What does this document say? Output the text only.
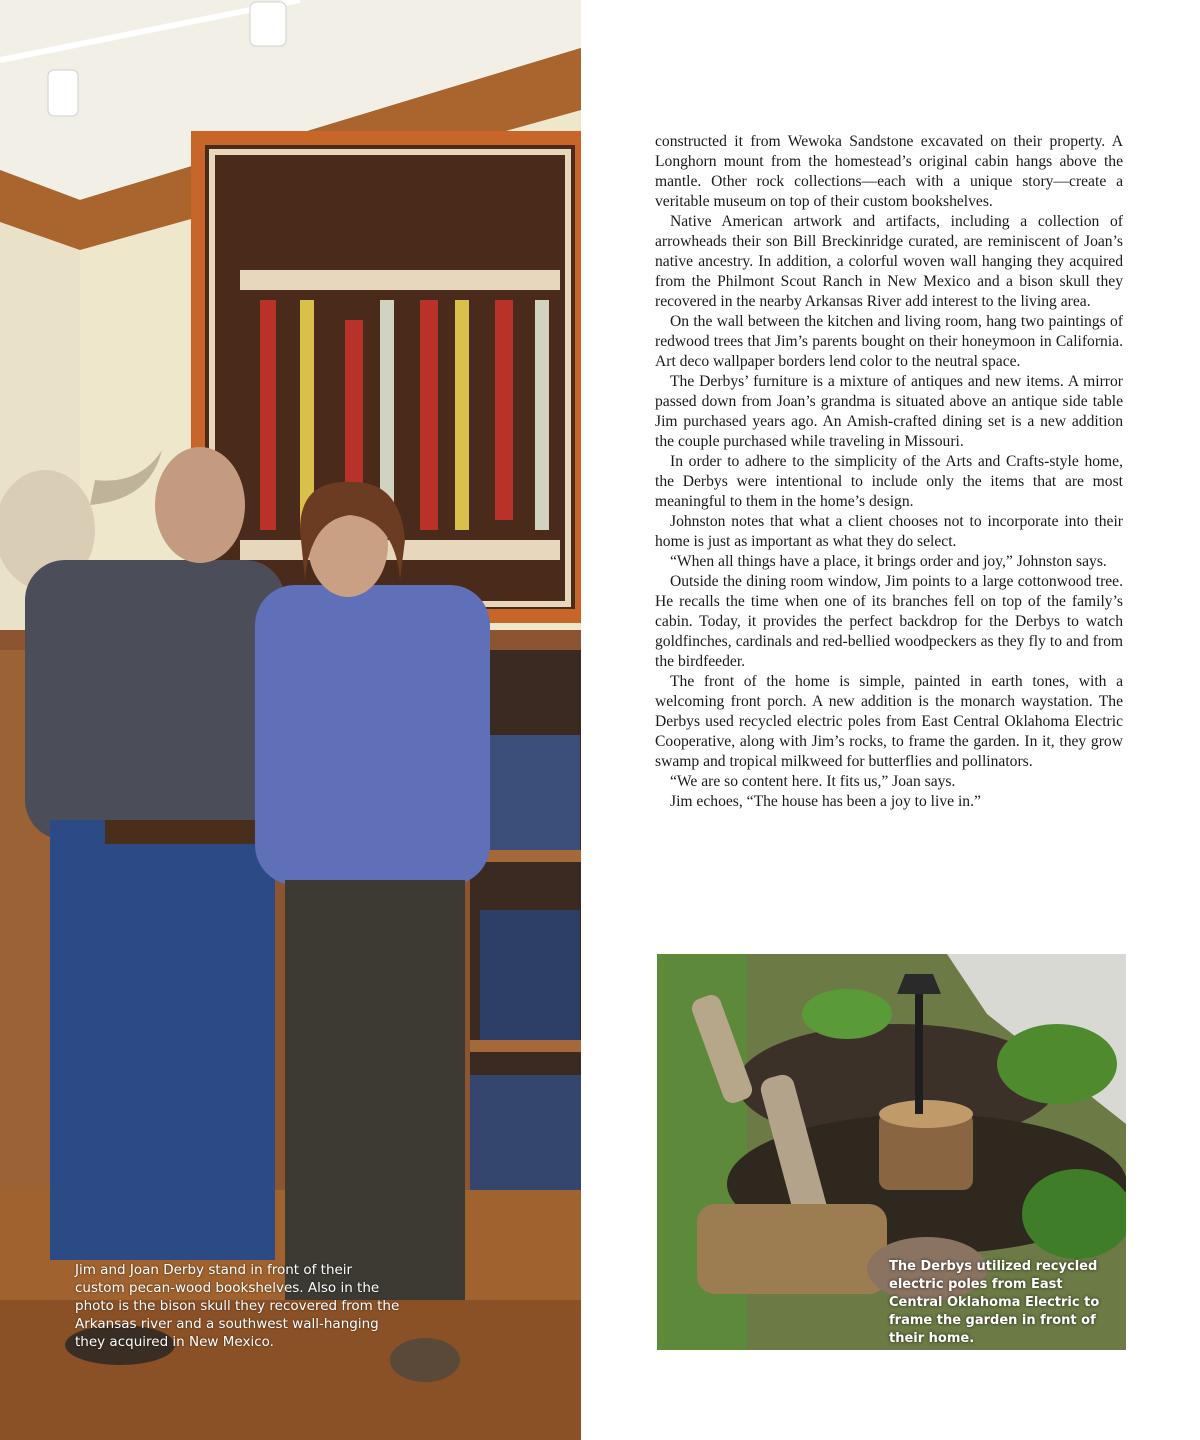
Jim and Joan Derby stand in front of their custom pecan-wood bookshelves. Also in the photo is the bison skull they recovered from the Arkansas river and a southwest wall-hanging they acquired in New Mexico.

constructed it from Wewoka Sandstone excavated on their property. A Longhorn mount from the homestead’s original cabin hangs above the mantle. Other rock collections—each with a unique story—create a veritable museum on top of their custom bookshelves.

Native American artwork and artifacts, including a collection of arrowheads their son Bill Breckinridge curated, are reminiscent of Joan’s native ancestry. In addition, a colorful woven wall hanging they acquired from the Philmont Scout Ranch in New Mexico and a bison skull they recovered in the nearby Arkansas River add interest to the living area.

On the wall between the kitchen and living room, hang two paintings of redwood trees that Jim’s parents bought on their honeymoon in California. Art deco wallpaper borders lend color to the neutral space.

The Derbys’ furniture is a mixture of antiques and new items. A mirror passed down from Joan’s grandma is situated above an antique side table Jim purchased years ago. An Amish-crafted dining set is a new addition the couple purchased while traveling in Missouri.

In order to adhere to the simplicity of the Arts and Crafts-style home, the Derbys were intentional to include only the items that are most meaningful to them in the home’s design.

Johnston notes that what a client chooses not to incorporate into their home is just as important as what they do select.

“When all things have a place, it brings order and joy,” Johnston says.

Outside the dining room window, Jim points to a large cottonwood tree. He recalls the time when one of its branches fell on top of the family’s cabin. Today, it provides the perfect backdrop for the Derbys to watch goldfinches, cardinals and red-bellied woodpeckers as they fly to and from the birdfeeder.

The front of the home is simple, painted in earth tones, with a welcoming front porch. A new addition is the monarch waystation. The Derbys used recycled electric poles from East Central Oklahoma Electric Cooperative, along with Jim’s rocks, to frame the garden. In it, they grow swamp and tropical milkweed for butterflies and pollinators.

“We are so content here. It fits us,” Joan says.

Jim echoes, “The house has been a joy to live in.”

The Derbys utilized recycled electric poles from East Central Oklahoma Electric to frame the garden in front of their home.
